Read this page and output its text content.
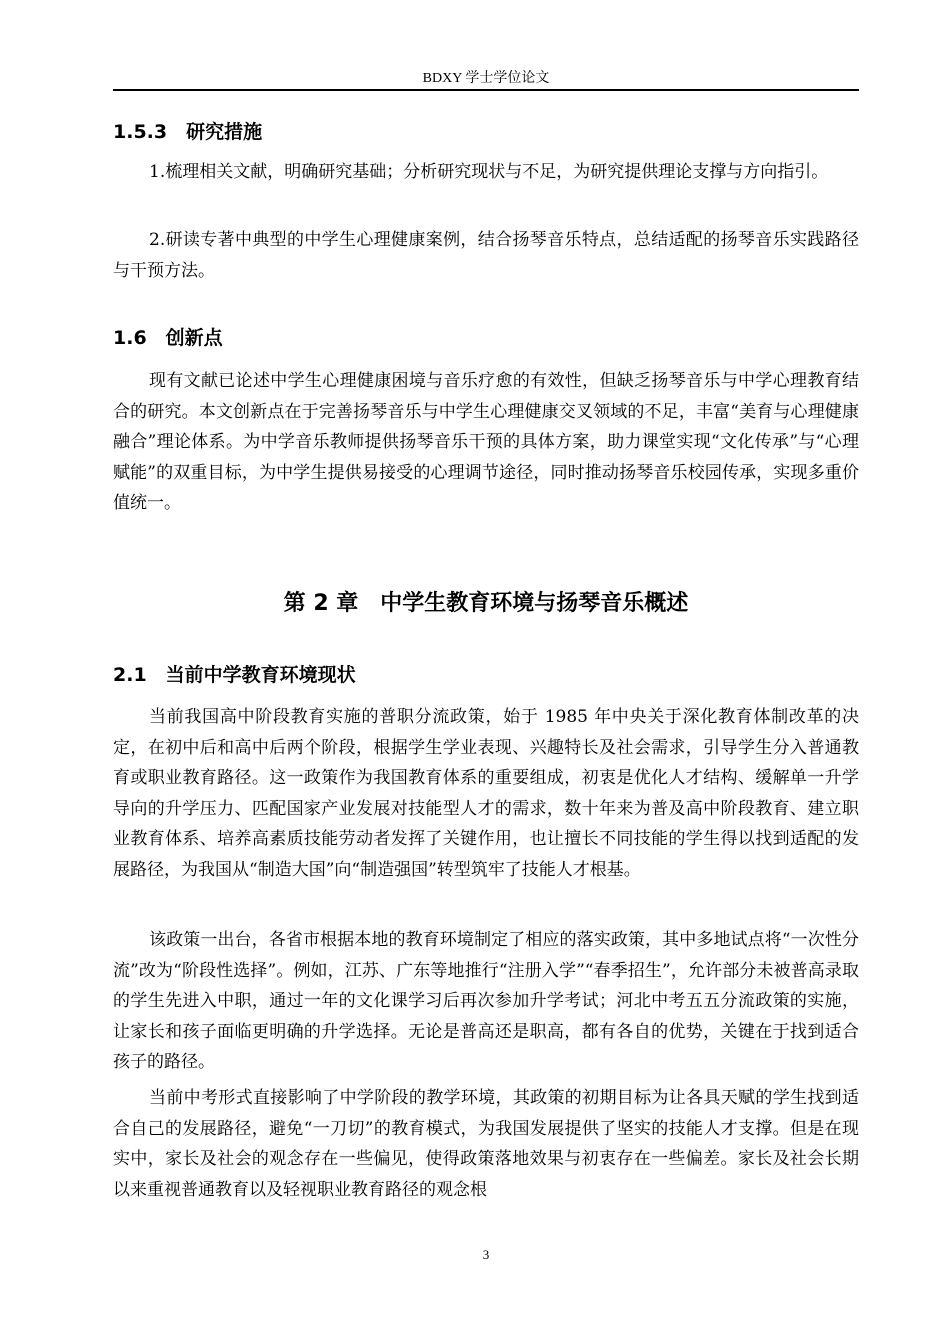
BDXY 学士学位论文
1.5.3　研究措施

1.梳理相关文献，明确研究基础；分析研究现状与不足，为研究提供理论支撑与方向指引。

2.研读专著中典型的中学生心理健康案例，结合扬琴音乐特点，总结适配的扬琴音乐实践路径与干预方法。

1.6　创新点

现有文献已论述中学生心理健康困境与音乐疗愈的有效性，但缺乏扬琴音乐与中学心理教育结合的研究。本文创新点在于完善扬琴音乐与中学生心理健康交叉领域的不足，丰富“美育与心理健康融合”理论体系。为中学音乐教师提供扬琴音乐干预的具体方案，助力课堂实现“文化传承”与“心理赋能”的双重目标，为中学生提供易接受的心理调节途径，同时推动扬琴音乐校园传承，实现多重价值统一。

第 2 章　中学生教育环境与扬琴音乐概述
2.1　当前中学教育环境现状

当前我国高中阶段教育实施的普职分流政策，始于 1985 年中央关于深化教育体制改革的决定，在初中后和高中后两个阶段，根据学生学业表现、兴趣特长及社会需求，引导学生分入普通教育或职业教育路径。这一政策作为我国教育体系的重要组成，初衷是优化人才结构、缓解单一升学导向的升学压力、匹配国家产业发展对技能型人才的需求，数十年来为普及高中阶段教育、建立职业教育体系、培养高素质技能劳动者发挥了关键作用，也让擅长不同技能的学生得以找到适配的发展路径，为我国从“制造大国”向“制造强国”转型筑牢了技能人才根基。

该政策一出台，各省市根据本地的教育环境制定了相应的落实政策，其中多地试点将“一次性分流”改为“阶段性选择”。例如，江苏、广东等地推行“注册入学”“春季招生”，允许部分未被普高录取的学生先进入中职，通过一年的文化课学习后再次参加升学考试；河北中考五五分流政策的实施，让家长和孩子面临更明确的升学选择。无论是普高还是职高，都有各自的优势，关键在于找到适合孩子的路径。

当前中考形式直接影响了中学阶段的教学环境，其政策的初期目标为让各具天赋的学生找到适合自己的发展路径，避免“一刀切”的教育模式，为我国发展提供了坚实的技能人才支撑。但是在现实中，家长及社会的观念存在一些偏见，使得政策落地效果与初衷存在一些偏差。家长及社会长期以来重视普通教育以及轻视职业教育路径的观念根

3
